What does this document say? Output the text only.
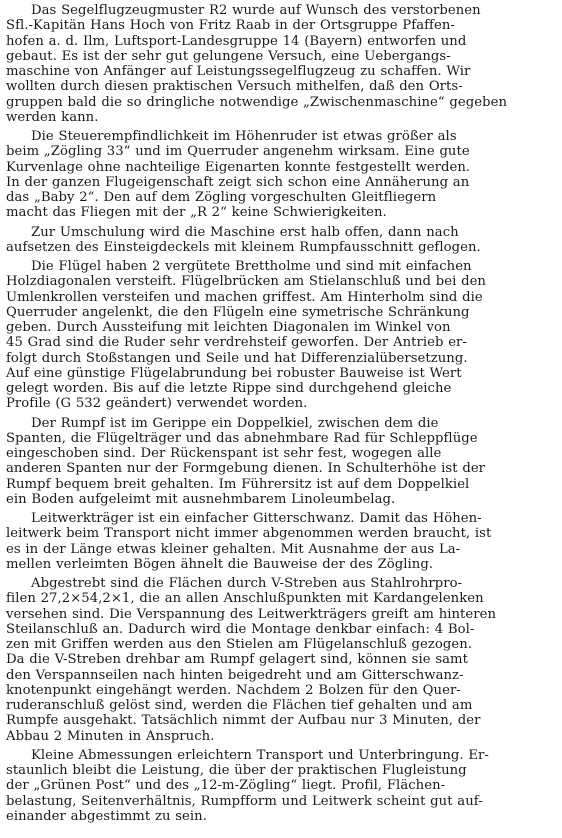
Das Segelflugzeugmuster R2 wurde auf Wunsch des verstorbenen
Sfl.-Kapitän Hans Hoch von Fritz Raab in der Ortsgruppe Pfaffen-
hofen a. d. Ilm, Luftsport-Landesgruppe 14 (Bayern) entworfen und
gebaut. Es ist der sehr gut gelungene Versuch, eine Uebergangs-
maschine von Anfänger auf Leistungssegelflugzeug zu schaffen. Wir
wollten durch diesen praktischen Versuch mithelfen, daß den Orts-
gruppen bald die so dringliche notwendige „Zwischenmaschine“ gegeben
werden kann.
Die Steuerempfindlichkeit im Höhenruder ist etwas größer als
beim „Zögling 33“ und im Querruder angenehm wirksam. Eine gute
Kurvenlage ohne nachteilige Eigenarten konnte festgestellt werden.
In der ganzen Flugeigenschaft zeigt sich schon eine Annäherung an
das „Baby 2“. Den auf dem Zögling vorgeschulten Gleitfliegern
macht das Fliegen mit der „R 2“ keine Schwierigkeiten.
Zur Umschulung wird die Maschine erst halb offen, dann nach
aufsetzen des Einsteigdeckels mit kleinem Rumpfausschnitt geflogen.
Die Flügel haben 2 vergütete Brettholme und sind mit einfachen
Holzdiagonalen versteift. Flügelbrücken am Stielanschluß und bei den
Umlenkrollen versteifen und machen griffest. Am Hinterholm sind die
Querruder angelenkt, die den Flügeln eine symetrische Schränkung
geben. Durch Aussteifung mit leichten Diagonalen im Winkel von
45 Grad sind die Ruder sehr verdrehsteif geworfen. Der Antrieb er-
folgt durch Stoßstangen und Seile und hat Differenzialübersetzung.
Auf eine günstige Flügelabrundung bei robuster Bauweise ist Wert
gelegt worden. Bis auf die letzte Rippe sind durchgehend gleiche
Profile (G 532 geändert) verwendet worden.
Der Rumpf ist im Gerippe ein Doppelkiel, zwischen dem die
Spanten, die Flügelträger und das abnehmbare Rad für Schleppflüge
eingeschoben sind. Der Rückenspant ist sehr fest, wogegen alle
anderen Spanten nur der Formgebung dienen. In Schulterhöhe ist der
Rumpf bequem breit gehalten. Im Führersitz ist auf dem Doppelkiel
ein Boden aufgeleimt mit ausnehmbarem Linoleumbelag.
Leitwerkträger ist ein einfacher Gitterschwanz. Damit das Höhen-
leitwerk beim Transport nicht immer abgenommen werden braucht, ist
es in der Länge etwas kleiner gehalten. Mit Ausnahme der aus La-
mellen verleimten Bögen ähnelt die Bauweise der des Zögling.
Abgestrebt sind die Flächen durch V-Streben aus Stahlrohrpro-
filen 27,2×54,2×1, die an allen Anschlußpunkten mit Kardangelenken
versehen sind. Die Verspannung des Leitwerkträgers greift am hinteren
Steilanschluß an. Dadurch wird die Montage denkbar einfach: 4 Bol-
zen mit Griffen werden aus den Stielen am Flügelanschluß gezogen.
Da die V-Streben drehbar am Rumpf gelagert sind, können sie samt
den Verspannseilen nach hinten beigedreht und am Gitterschwanz-
knotenpunkt eingehängt werden. Nachdem 2 Bolzen für den Quer-
ruderanschluß gelöst sind, werden die Flächen tief gehalten und am
Rumpfe ausgehakt. Tatsächlich nimmt der Aufbau nur 3 Minuten, der
Abbau 2 Minuten in Anspruch.
Kleine Abmessungen erleichtern Transport und Unterbringung. Er-
staunlich bleibt die Leistung, die über der praktischen Flugleistung
der „Grünen Post“ und des „12-m-Zögling“ liegt. Profil, Flächen-
belastung, Seitenverhältnis, Rumpfform und Leitwerk scheint gut auf-
einander abgestimmt zu sein.
